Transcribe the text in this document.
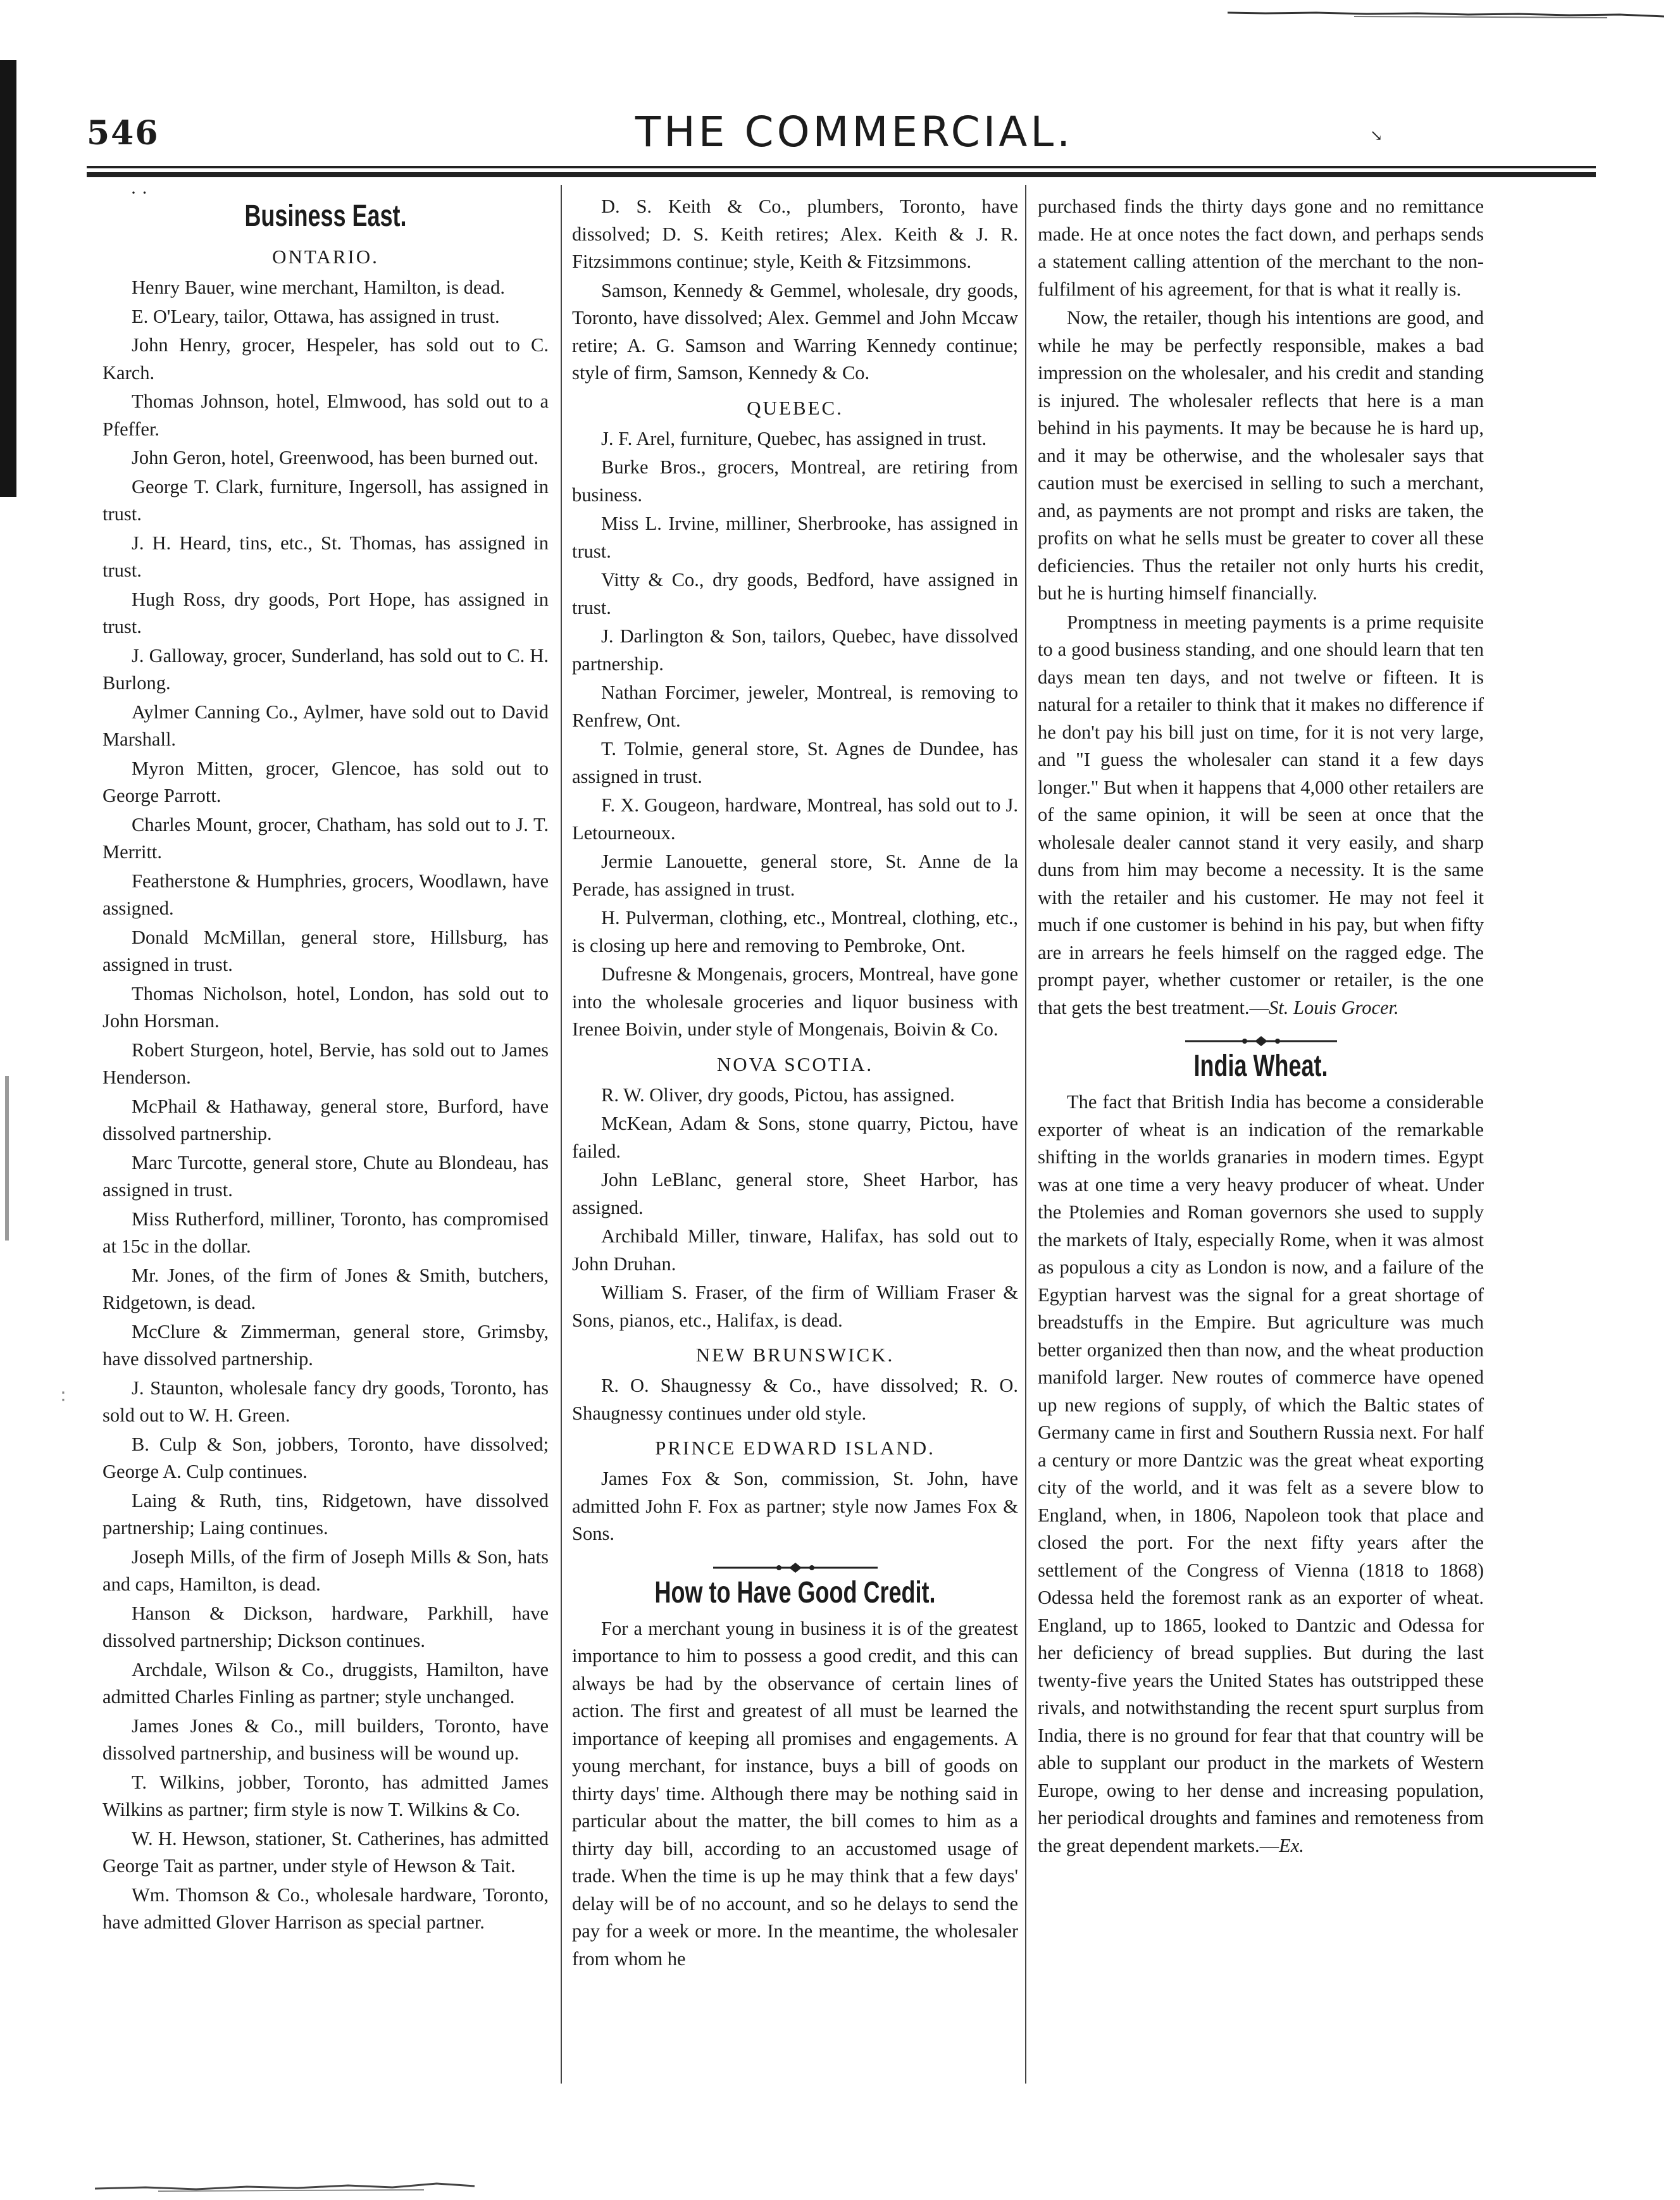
546	THE COMMERCIAL.	↘
· ·
∶
Business East.
ONTARIO.

Henry Bauer, wine merchant, Hamilton, is dead.

E. O'Leary, tailor, Ottawa, has assigned in trust.

John Henry, grocer, Hespeler, has sold out to C. Karch.

Thomas Johnson, hotel, Elmwood, has sold out to a Pfeffer.

John Geron, hotel, Greenwood, has been burned out.

George T. Clark, furniture, Ingersoll, has assigned in trust.

J. H. Heard, tins, etc., St. Thomas, has assigned in trust.

Hugh Ross, dry goods, Port Hope, has assigned in trust.

J. Galloway, grocer, Sunderland, has sold out to C. H. Burlong.

Aylmer Canning Co., Aylmer, have sold out to David Marshall.

Myron Mitten, grocer, Glencoe, has sold out to George Parrott.

Charles Mount, grocer, Chatham, has sold out to J. T. Merritt.

Featherstone & Humphries, grocers, Woodlawn, have assigned.

Donald McMillan, general store, Hillsburg, has assigned in trust.

Thomas Nicholson, hotel, London, has sold out to John Horsman.

Robert Sturgeon, hotel, Bervie, has sold out to James Henderson.

McPhail & Hathaway, general store, Burford, have dissolved partnership.

Marc Turcotte, general store, Chute au Blondeau, has assigned in trust.

Miss Rutherford, milliner, Toronto, has compromised at 15c in the dollar.

Mr. Jones, of the firm of Jones & Smith, butchers, Ridgetown, is dead.

McClure & Zimmerman, general store, Grimsby, have dissolved partnership.

J. Staunton, wholesale fancy dry goods, Toronto, has sold out to W. H. Green.

B. Culp & Son, jobbers, Toronto, have dissolved; George A. Culp continues.

Laing & Ruth, tins, Ridgetown, have dissolved partnership; Laing continues.

Joseph Mills, of the firm of Joseph Mills & Son, hats and caps, Hamilton, is dead.

Hanson & Dickson, hardware, Parkhill, have dissolved partnership; Dickson continues.

Archdale, Wilson & Co., druggists, Hamilton, have admitted Charles Finling as partner; style unchanged.

James Jones & Co., mill builders, Toronto, have dissolved partnership, and business will be wound up.

T. Wilkins, jobber, Toronto, has admitted James Wilkins as partner; firm style is now T. Wilkins & Co.

W. H. Hewson, stationer, St. Catherines, has admitted George Tait as partner, under style of Hewson & Tait.

Wm. Thomson & Co., wholesale hardware, Toronto, have admitted Glover Harrison as special partner.

D. S. Keith & Co., plumbers, Toronto, have dissolved; D. S. Keith retires; Alex. Keith & J. R. Fitzsimmons continue; style, Keith & Fitzsimmons.

Samson, Kennedy & Gemmel, wholesale, dry goods, Toronto, have dissolved; Alex. Gemmel and John Mccaw retire; A. G. Samson and Warring Kennedy continue; style of firm, Samson, Kennedy & Co.

QUEBEC.

J. F. Arel, furniture, Quebec, has assigned in trust.

Burke Bros., grocers, Montreal, are retiring from business.

Miss L. Irvine, milliner, Sherbrooke, has assigned in trust.

Vitty & Co., dry goods, Bedford, have assigned in trust.

J. Darlington & Son, tailors, Quebec, have dissolved partnership.

Nathan Forcimer, jeweler, Montreal, is removing to Renfrew, Ont.

T. Tolmie, general store, St. Agnes de Dundee, has assigned in trust.

F. X. Gougeon, hardware, Montreal, has sold out to J. Letourneoux.

Jermie Lanouette, general store, St. Anne de la Perade, has assigned in trust.

H. Pulverman, clothing, etc., Montreal, clothing, etc., is closing up here and removing to Pembroke, Ont.

Dufresne & Mongenais, grocers, Montreal, have gone into the wholesale groceries and liquor business with Irenee Boivin, under style of Mongenais, Boivin & Co.

NOVA SCOTIA.

R. W. Oliver, dry goods, Pictou, has assigned.

McKean, Adam & Sons, stone quarry, Pictou, have failed.

John LeBlanc, general store, Sheet Harbor, has assigned.

Archibald Miller, tinware, Halifax, has sold out to John Druhan.

William S. Fraser, of the firm of William Fraser & Sons, pianos, etc., Halifax, is dead.

NEW BRUNSWICK.

R. O. Shaugnessy & Co., have dissolved; R. O. Shaugnessy continues under old style.

PRINCE EDWARD ISLAND.

James Fox & Son, commission, St. John, have admitted John F. Fox as partner; style now James Fox & Sons.

How to Have Good Credit.

For a merchant young in business it is of the greatest importance to him to possess a good credit, and this can always be had by the observance of certain lines of action. The first and greatest of all must be learned the importance of keeping all promises and engagements. A young merchant, for instance, buys a bill of goods on thirty days' time. Although there may be nothing said in particular about the matter, the bill comes to him as a thirty day bill, according to an accustomed usage of trade. When the time is up he may think that a few days' delay will be of no account, and so he delays to send the pay for a week or more. In the meantime, the wholesaler from whom he

purchased finds the thirty days gone and no remittance made. He at once notes the fact down, and perhaps sends a statement calling attention of the merchant to the non-fulfilment of his agreement, for that is what it really is.

Now, the retailer, though his intentions are good, and while he may be perfectly responsible, makes a bad impression on the wholesaler, and his credit and standing is injured. The wholesaler reflects that here is a man behind in his payments. It may be because he is hard up, and it may be otherwise, and the wholesaler says that caution must be exercised in selling to such a merchant, and, as payments are not prompt and risks are taken, the profits on what he sells must be greater to cover all these deficiencies. Thus the retailer not only hurts his credit, but he is hurting himself financially.

Promptness in meeting payments is a prime requisite to a good business standing, and one should learn that ten days mean ten days, and not twelve or fifteen. It is natural for a retailer to think that it makes no difference if he don't pay his bill just on time, for it is not very large, and "I guess the wholesaler can stand it a few days longer." But when it happens that 4,000 other retailers are of the same opinion, it will be seen at once that the wholesale dealer cannot stand it very easily, and sharp duns from him may become a necessity. It is the same with the retailer and his customer. He may not feel it much if one customer is behind in his pay, but when fifty are in arrears he feels himself on the ragged edge. The prompt payer, whether customer or retailer, is the one that gets the best treatment.—St. Louis Grocer.

India Wheat.

The fact that British India has become a considerable exporter of wheat is an indication of the remarkable shifting in the worlds granaries in modern times. Egypt was at one time a very heavy producer of wheat. Under the Ptolemies and Roman governors she used to supply the markets of Italy, especially Rome, when it was almost as populous a city as London is now, and a failure of the Egyptian harvest was the signal for a great shortage of breadstuffs in the Empire. But agriculture was much better organized then than now, and the wheat production manifold larger. New routes of commerce have opened up new regions of supply, of which the Baltic states of Germany came in first and Southern Russia next. For half a century or more Dantzic was the great wheat exporting city of the world, and it was felt as a severe blow to England, when, in 1806, Napoleon took that place and closed the port. For the next fifty years after the settlement of the Congress of Vienna (1818 to 1868) Odessa held the foremost rank as an exporter of wheat. England, up to 1865, looked to Dantzic and Odessa for her deficiency of bread supplies. But during the last twenty-five years the United States has outstripped these rivals, and notwithstanding the recent spurt surplus from India, there is no ground for fear that that country will be able to supplant our product in the markets of Western Europe, owing to her dense and increasing population, her periodical droughts and famines and remoteness from the great dependent markets.—Ex.
